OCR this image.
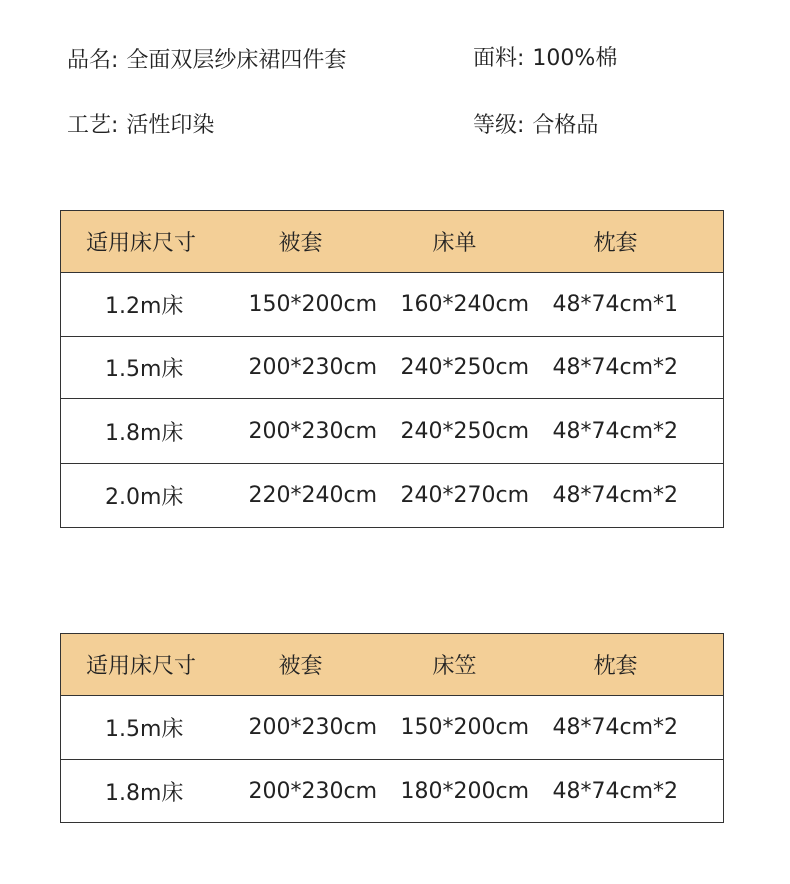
品名: 全面双层纱床裙四件套	面料: 100%棉
工艺: 活性印染	等级: 合格品
适用床尺寸	被套	床单	枕套
1.2m床	150*200cm	160*240cm	48*74cm*1
1.5m床	200*230cm	240*250cm	48*74cm*2
1.8m床	200*230cm	240*250cm	48*74cm*2
2.0m床	220*240cm	240*270cm	48*74cm*2
适用床尺寸	被套	床笠	枕套
1.5m床	200*230cm	150*200cm	48*74cm*2
1.8m床	200*230cm	180*200cm	48*74cm*2
